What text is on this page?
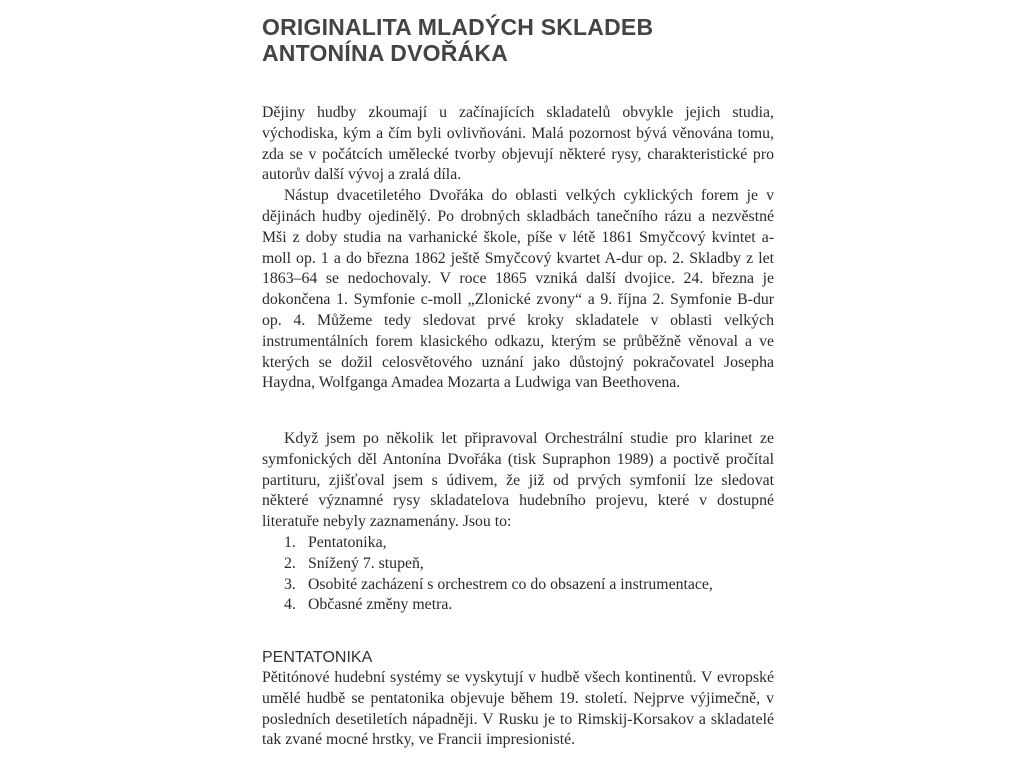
ORIGINALITA MLADÝCH SKLADEB
ANTONÍNA DVOŘÁKA

Dějiny hudby zkoumají u začínajících skladatelů obvykle jejich studia, východiska, kým a čím byli ovlivňováni. Malá pozornost bývá věnována tomu, zda se v počátcích umělecké tvorby objevují některé rysy, charakteristické pro autorův další vývoj a zralá díla.

Nástup dvacetiletého Dvořáka do oblasti velkých cyklických forem je v dějinách hudby ojedinělý. Po drobných skladbách tanečního rázu a nezvěstné Mši z doby studia na varhanické škole, píše v létě 1861 Smyčcový kvintet a-moll op. 1 a do března 1862 ještě Smyčcový kvartet A-dur op. 2. Skladby z let 1863–64 se nedochovaly. V roce 1865 vzniká další dvojice. 24. března je dokončena 1. Symfonie c-moll „Zlonické zvony“ a 9. října 2. Symfonie B-dur op. 4. Můžeme tedy sledovat prvé kroky skladatele v oblasti velkých instrumentálních forem klasického odkazu, kterým se průběžně věnoval a ve kterých se dožil celosvětového uznání jako důstojný pokračovatel Josepha Haydna, Wolfganga Amadea Mozarta a Ludwiga van Beethovena.

Když jsem po několik let připravoval Orchestrální studie pro klarinet ze symfonických děl Antonína Dvořáka (tisk Supraphon 1989) a poctivě pročítal partituru, zjišťoval jsem s údivem, že již od prvých symfonií lze sledovat některé významné rysy skladatelova hudebního projevu, které v dostupné literatuře nebyly zaznamenány. Jsou to:

1. Pentatonika,
2. Snížený 7. stupeň,
3. Osobité zacházení s orchestrem co do obsazení a instrumentace,
4. Občasné změny metra.
PENTATONIKA

Pětitónové hudební systémy se vyskytují v hudbě všech kontinentů. V evropské umělé hudbě se pentatonika objevuje během 19. století. Nejprve výjimečně, v posledních desetiletích nápadněji. V Rusku je to Rimskij-Korsakov a skladatelé tak zvané mocné hrstky, ve Francii impresionisté.
